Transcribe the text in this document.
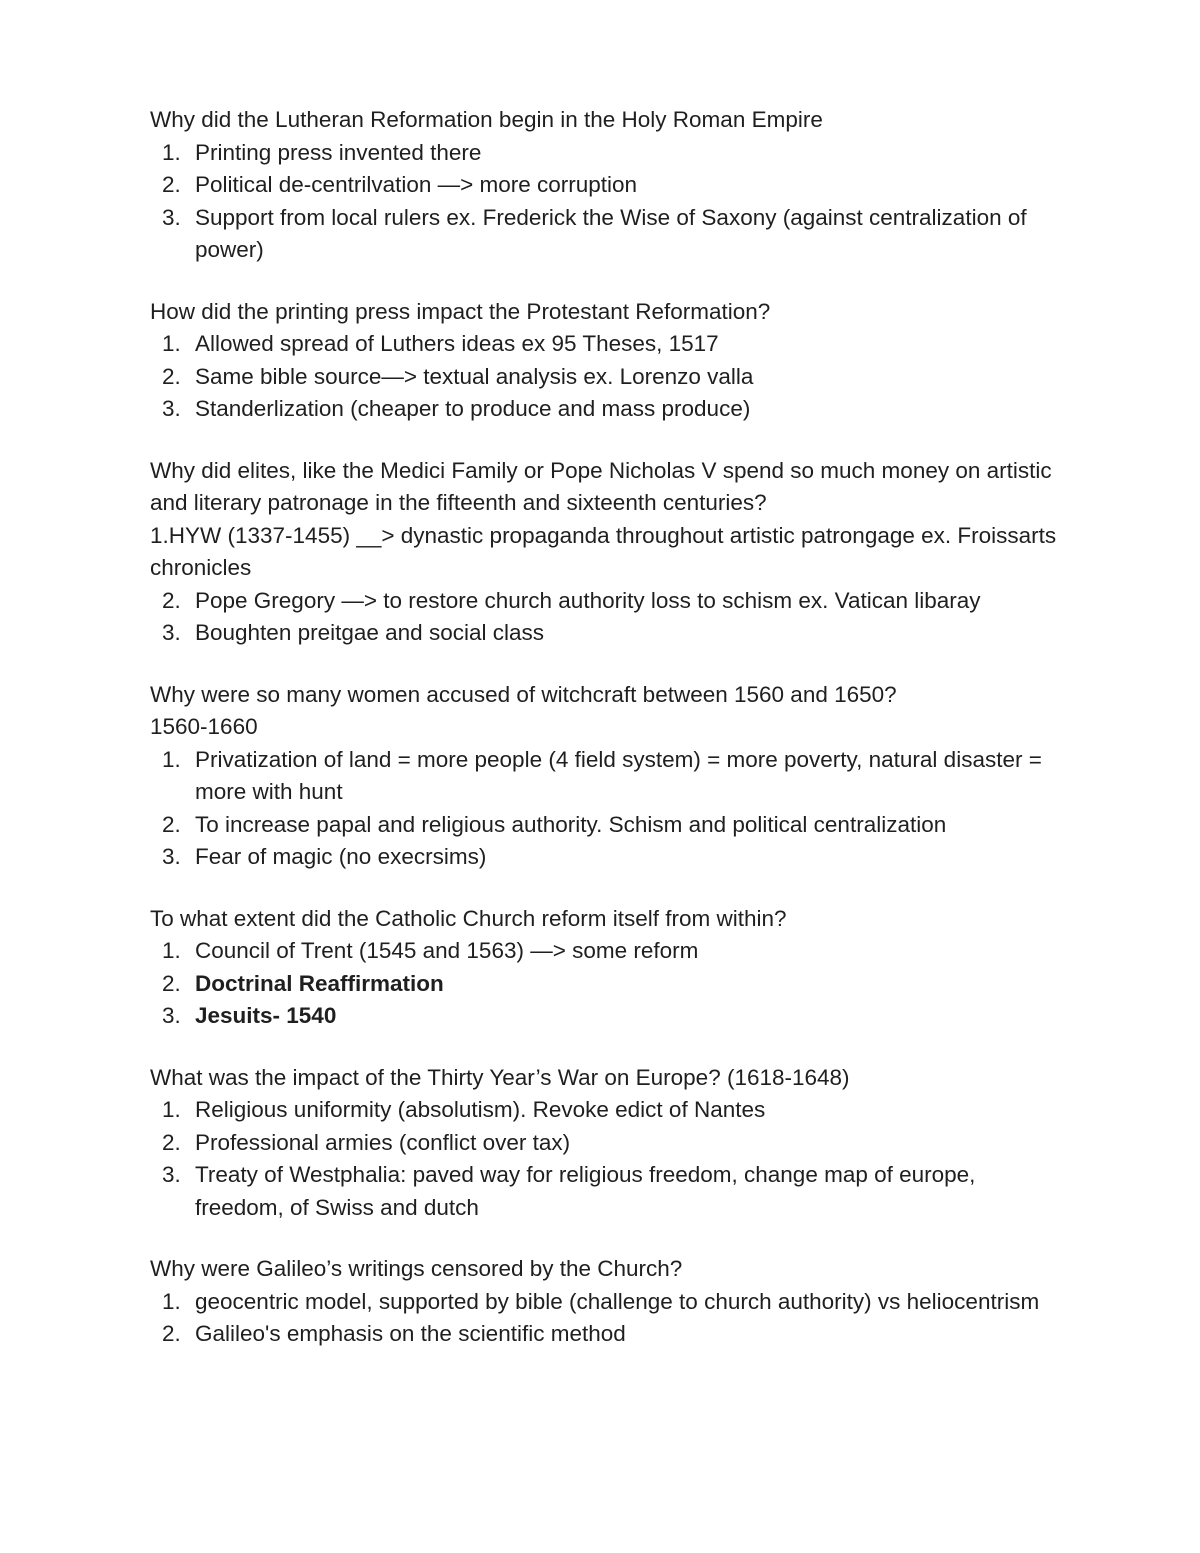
Why did the Lutheran Reformation begin in the Holy Roman Empire

1. Printing press invented there
2. Political de-centrilvation —> more corruption
3. Support from local rulers ex. Frederick the Wise of Saxony (against centralization of power)

How did the printing press impact the Protestant Reformation?

1. Allowed spread of Luthers ideas ex 95 Theses, 1517
2. Same bible source—> textual analysis ex. Lorenzo valla
3. Standerlization (cheaper to produce and mass produce)

Why did elites, like the Medici Family or Pope Nicholas V spend so much money on artistic and literary patronage in the fifteenth and sixteenth centuries?

1.HYW (1337-1455) __> dynastic propaganda throughout artistic patrongage ex. Froissarts chronicles

2. Pope Gregory —> to restore church authority loss to schism ex. Vatican libaray
3. Boughten preitgae and social class

Why were so many women accused of witchcraft between 1560 and 1650?

1560-1660

1. Privatization of land = more people (4 field system) = more poverty, natural disaster = more with hunt
2. To increase papal and religious authority. Schism and political centralization
3. Fear of magic (no execrsims)

To what extent did the Catholic Church reform itself from within?

1. Council of Trent (1545 and 1563) —> some reform
2. Doctrinal Reaffirmation
3. Jesuits- 1540

What was the impact of the Thirty Year’s War on Europe? (1618-1648)

1. Religious uniformity (absolutism). Revoke edict of Nantes
2. Professional armies (conflict over tax)
3. Treaty of Westphalia: paved way for religious freedom, change map of europe, freedom, of Swiss and dutch

Why were Galileo’s writings censored by the Church?

1. geocentric model, supported by bible (challenge to church authority) vs heliocentrism
2. Galileo's emphasis on the scientific method
